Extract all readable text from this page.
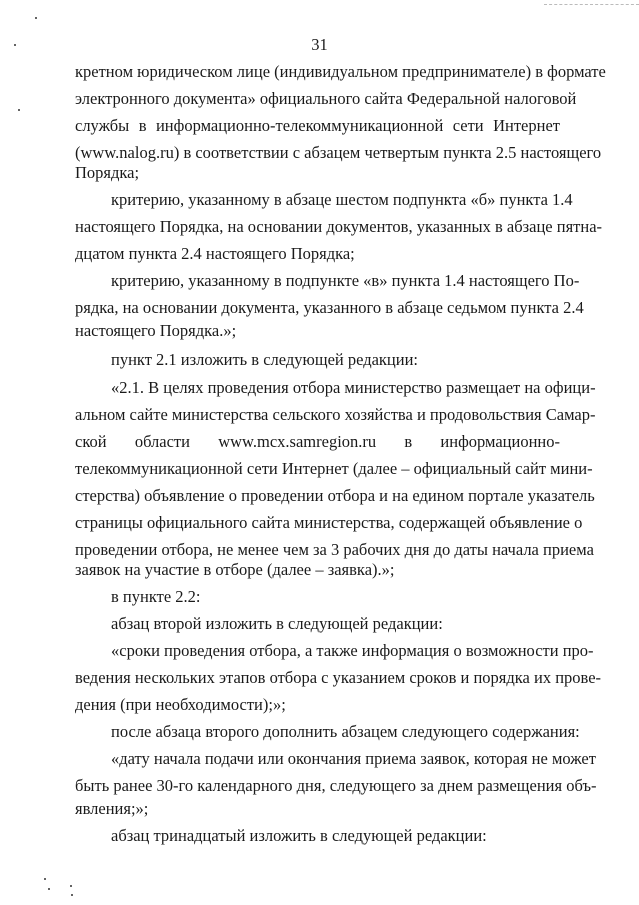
31
кретном юридическом лице (индивидуальном предпринимателе) в формате
электронного документа» официального сайта Федеральной налоговой
службы в информационно-телекоммуникационной сети Интернет
(www.nalog.ru) в соответствии с абзацем четвертым пункта 2.5 настоящего
Порядка;
критерию, указанному в абзаце шестом подпункта «б» пункта 1.4
настоящего Порядка, на основании документов, указанных в абзаце пятна-
дцатом пункта 2.4 настоящего Порядка;
критерию, указанному в подпункте «в» пункта 1.4 настоящего По-
рядка, на основании документа, указанного в абзаце седьмом пункта 2.4
настоящего Порядка.»;
пункт 2.1 изложить в следующей редакции:
«2.1. В целях проведения отбора министерство размещает на офици-
альном сайте министерства сельского хозяйства и продовольствия Самар-
ской области www.mcx.samregion.ru в информационно-
телекоммуникационной сети Интернет (далее – официальный сайт мини-
стерства) объявление о проведении отбора и на едином портале указатель
страницы официального сайта министерства, содержащей объявление о
проведении отбора, не менее чем за 3 рабочих дня до даты начала приема
заявок на участие в отборе (далее – заявка).»;
в пункте 2.2:
абзац второй изложить в следующей редакции:
«сроки проведения отбора, а также информация о возможности про-
ведения нескольких этапов отбора с указанием сроков и порядка их прове-
дения (при необходимости);»;
после абзаца второго дополнить абзацем следующего содержания:
«дату начала подачи или окончания приема заявок, которая не может
быть ранее 30-го календарного дня, следующего за днем размещения объ-
явления;»;
абзац тринадцатый изложить в следующей редакции:
